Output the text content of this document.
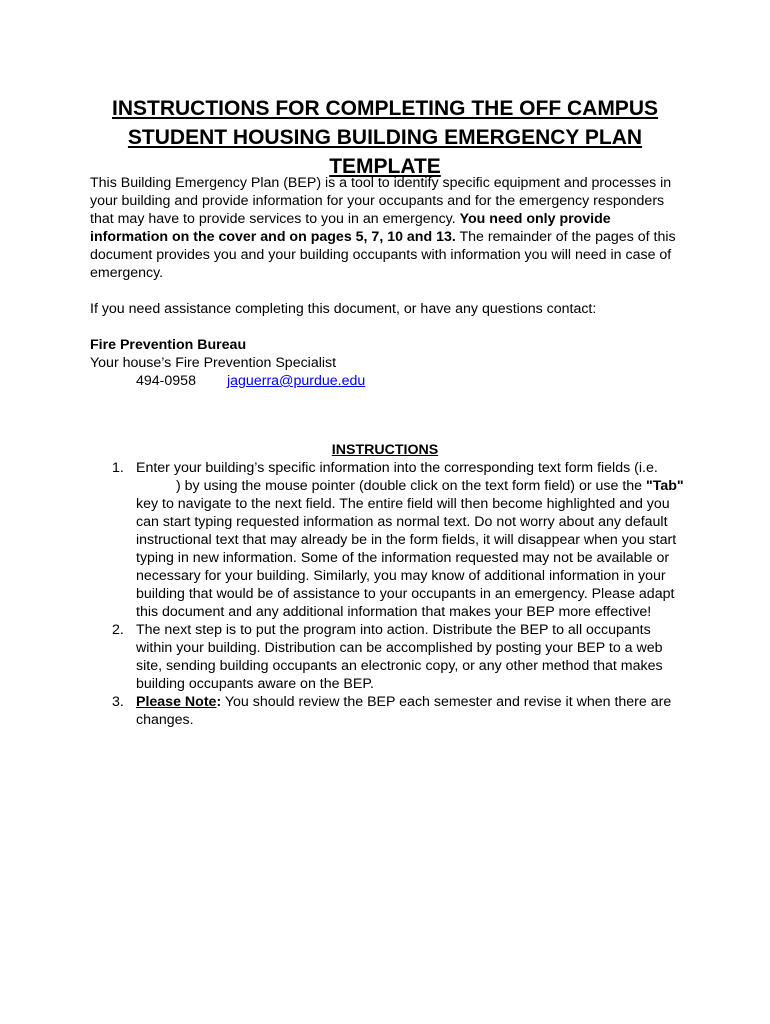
INSTRUCTIONS FOR COMPLETING THE OFF CAMPUS
STUDENT HOUSING BUILDING EMERGENCY PLAN
TEMPLATE

This Building Emergency Plan (BEP) is a tool to identify specific equipment and processes in your building and provide information for your occupants and for the emergency responders that may have to provide services to you in an emergency. You need only provide information on the cover and on pages 5, 7, 10 and 13. The remainder of the pages of this document provides you and your building occupants with information you will need in case of emergency.

If you need assistance completing this document, or have any questions contact:

Fire Prevention Bureau

Your house’s Fire Prevention Specialist

494-0958 jaguerra@purdue.edu

INSTRUCTIONS
1. Enter your building’s specific information into the corresponding text form fields (i.e.) by using the mouse pointer (double click on the text form field) or use the "Tab" key to navigate to the next field. The entire field will then become highlighted and you can start typing requested information as normal text. Do not worry about any default instructional text that may already be in the form fields, it will disappear when you start typing in new information. Some of the information requested may not be available or necessary for your building. Similarly, you may know of additional information in your building that would be of assistance to your occupants in an emergency. Please adapt this document and any additional information that makes your BEP more effective!
2. The next step is to put the program into action. Distribute the BEP to all occupants within your building. Distribution can be accomplished by posting your BEP to a web site, sending building occupants an electronic copy, or any other method that makes building occupants aware on the BEP.
3. Please Note: You should review the BEP each semester and revise it when there are changes.
